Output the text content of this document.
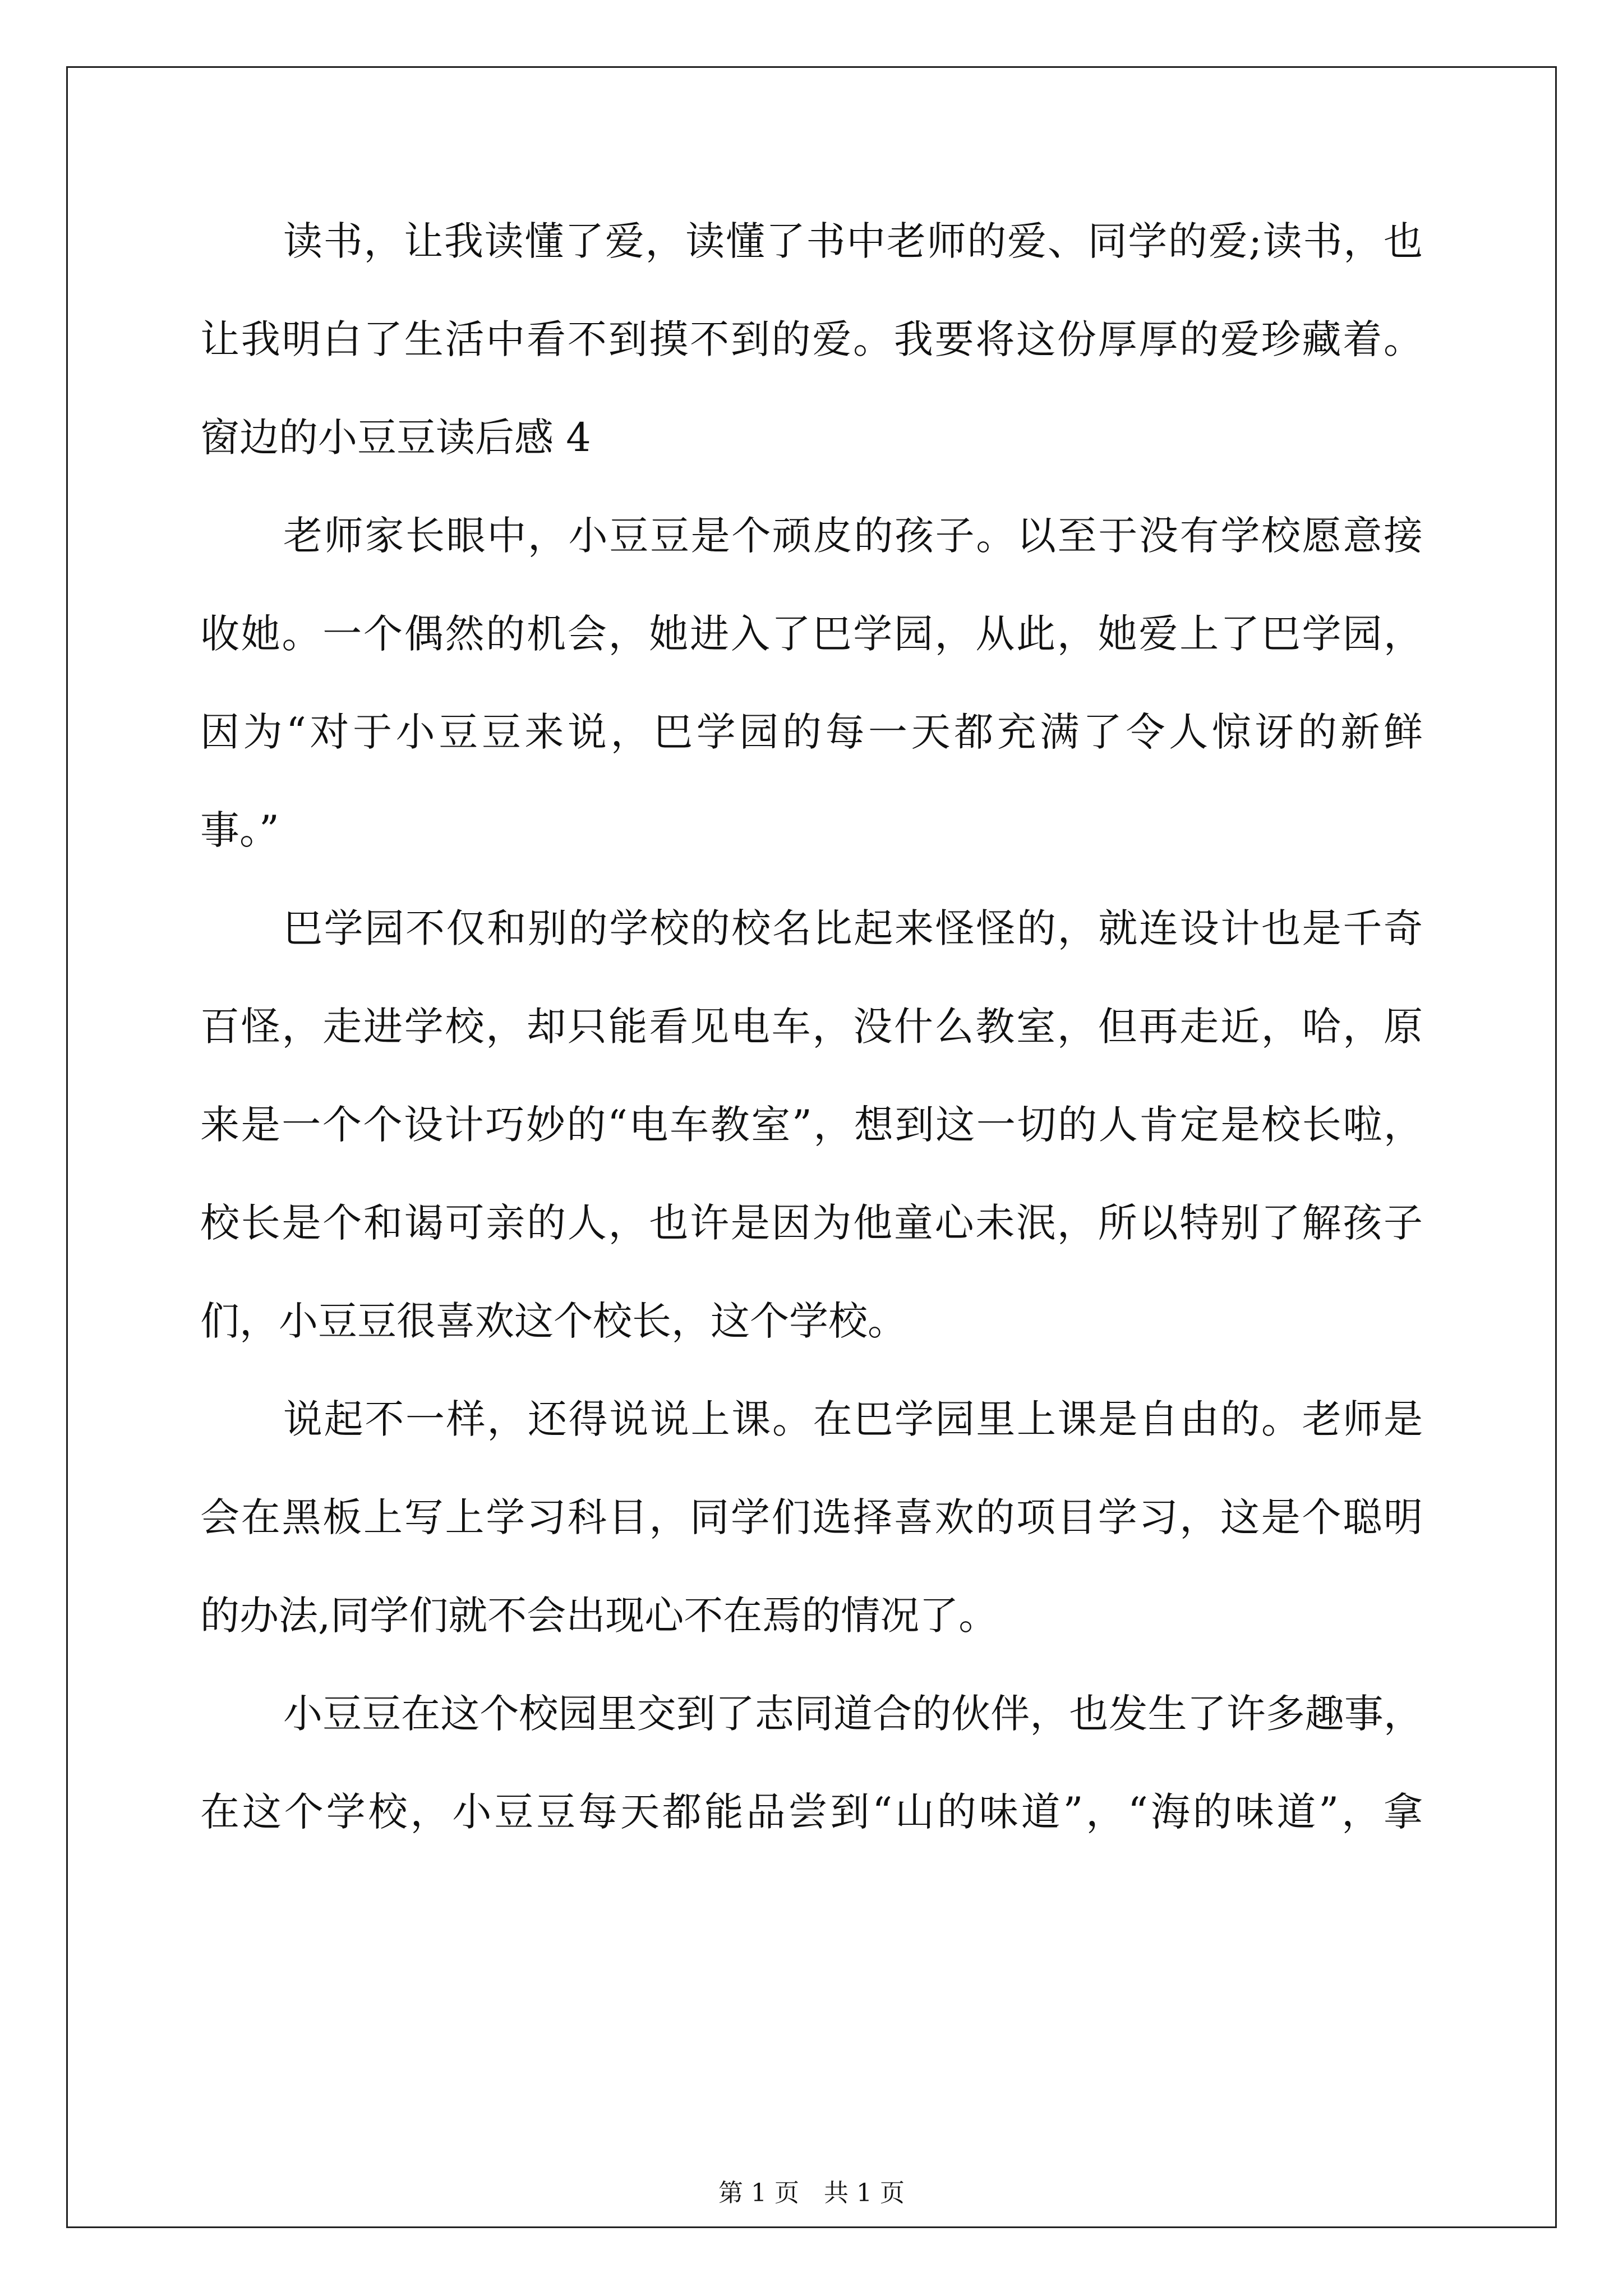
读书，让我读懂了爱，读懂了书中老师的爱、同学的爱;读书，也
让我明白了生活中看不到摸不到的爱。我要将这份厚厚的爱珍藏着。
窗边的小豆豆读后感 4
老师家长眼中，小豆豆是个顽皮的孩子。以至于没有学校愿意接
收她。一个偶然的机会，她进入了巴学园，从此，她爱上了巴学园，
因为“对于小豆豆来说，巴学园的每一天都充满了令人惊讶的新鲜
事。”
巴学园不仅和别的学校的校名比起来怪怪的，就连设计也是千奇
百怪，走进学校，却只能看见电车，没什么教室，但再走近，哈，原
来是一个个设计巧妙的“电车教室”，想到这一切的人肯定是校长啦，
校长是个和谒可亲的人，也许是因为他童心未泯，所以特别了解孩子
们，小豆豆很喜欢这个校长，这个学校。
说起不一样，还得说说上课。在巴学园里上课是自由的。老师是
会在黑板上写上学习科目，同学们选择喜欢的项目学习，这是个聪明
的办法,同学们就不会出现心不在焉的情况了。
小豆豆在这个校园里交到了志同道合的伙伴，也发生了许多趣事，
在这个学校，小豆豆每天都能品尝到“山的味道”，“海的味道”，拿
第 1 页　共 1 页
